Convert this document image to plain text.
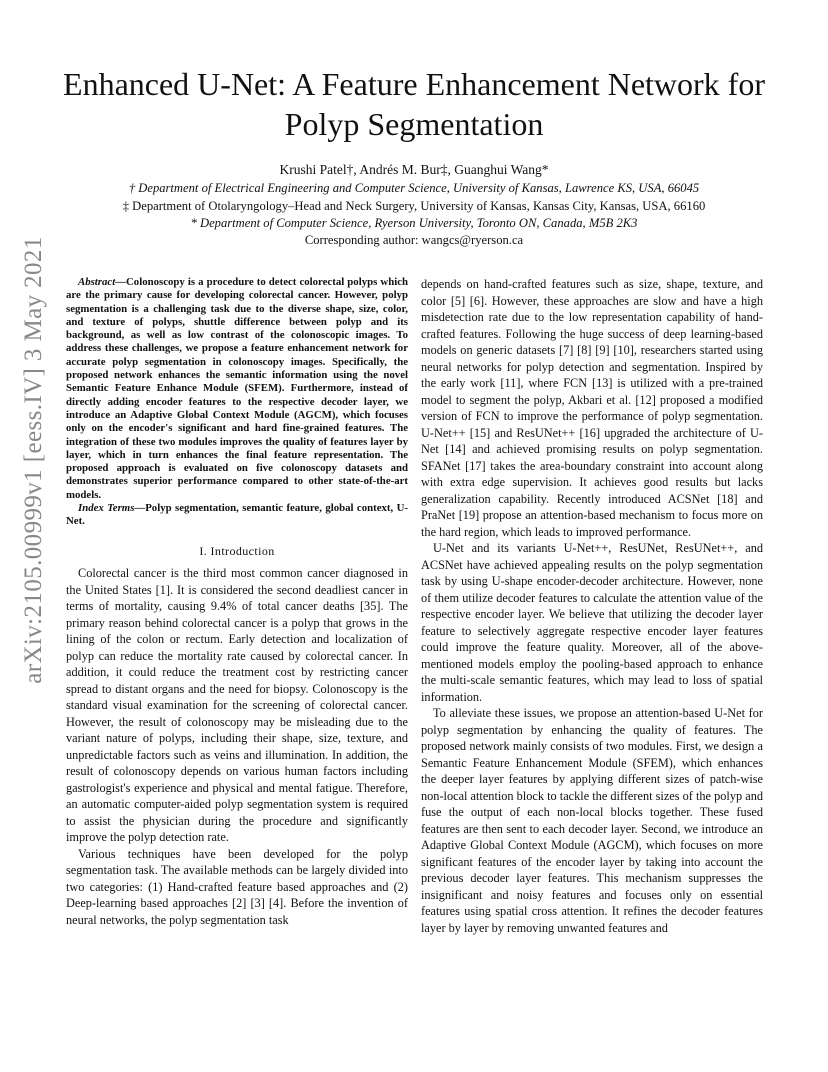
arXiv:2105.00999v1 [eess.IV] 3 May 2021
Enhanced U-Net: A Feature Enhancement Network for Polyp Segmentation
Krushi Patel†, Andrés M. Bur‡, Guanghui Wang*
† Department of Electrical Engineering and Computer Science, University of Kansas, Lawrence KS, USA, 66045
‡ Department of Otolaryngology–Head and Neck Surgery, University of Kansas, Kansas City, Kansas, USA, 66160
* Department of Computer Science, Ryerson University, Toronto ON, Canada, M5B 2K3
Corresponding author: wangcs@ryerson.ca

Abstract—Colonoscopy is a procedure to detect colorectal polyps which are the primary cause for developing colorectal cancer. However, polyp segmentation is a challenging task due to the diverse shape, size, color, and texture of polyps, shuttle difference between polyp and its background, as well as low contrast of the colonoscopic images. To address these challenges, we propose a feature enhancement network for accurate polyp segmentation in colonoscopy images. Specifically, the proposed network enhances the semantic information using the novel Semantic Feature Enhance Module (SFEM). Furthermore, instead of directly adding encoder features to the respective decoder layer, we introduce an Adaptive Global Context Module (AGCM), which focuses only on the encoder's significant and hard fine-grained features. The integration of these two modules improves the quality of features layer by layer, which in turn enhances the final feature representation. The proposed approach is evaluated on five colonoscopy datasets and demonstrates superior performance compared to other state-of-the-art models.

Index Terms—Polyp segmentation, semantic feature, global context, U-Net.

I. Introduction

Colorectal cancer is the third most common cancer diagnosed in the United States [1]. It is considered the second deadliest cancer in terms of mortality, causing 9.4% of total cancer deaths [35]. The primary reason behind colorectal cancer is a polyp that grows in the lining of the colon or rectum. Early detection and localization of polyp can reduce the mortality rate caused by colorectal cancer. In addition, it could reduce the treatment cost by restricting cancer spread to distant organs and the need for biopsy. Colonoscopy is the standard visual examination for the screening of colorectal cancer. However, the result of colonoscopy may be misleading due to the variant nature of polyps, including their shape, size, texture, and unpredictable factors such as veins and illumination. In addition, the result of colonoscopy depends on various human factors including gastrologist's experience and physical and mental fatigue. Therefore, an automatic computer-aided polyp segmentation system is required to assist the physician during the procedure and significantly improve the polyp detection rate.

Various techniques have been developed for the polyp segmentation task. The available methods can be largely divided into two categories: (1) Hand-crafted feature based approaches and (2) Deep-learning based approaches [2] [3] [4]. Before the invention of neural networks, the polyp segmentation task

depends on hand-crafted features such as size, shape, texture, and color [5] [6]. However, these approaches are slow and have a high misdetection rate due to the low representation capability of hand-crafted features. Following the huge success of deep learning-based models on generic datasets [7] [8] [9] [10], researchers started using neural networks for polyp detection and segmentation. Inspired by the early work [11], where FCN [13] is utilized with a pre-trained model to segment the polyp, Akbari et al. [12] proposed a modified version of FCN to improve the performance of polyp segmentation. U-Net++ [15] and ResUNet++ [16] upgraded the architecture of U-Net [14] and achieved promising results on polyp segmentation. SFANet [17] takes the area-boundary constraint into account along with extra edge supervision. It achieves good results but lacks generalization capability. Recently introduced ACSNet [18] and PraNet [19] propose an attention-based mechanism to focus more on the hard region, which leads to improved performance.

U-Net and its variants U-Net++, ResUNet, ResUNet++, and ACSNet have achieved appealing results on the polyp segmentation task by using U-shape encoder-decoder architecture. However, none of them utilize decoder features to calculate the attention value of the respective encoder layer. We believe that utilizing the decoder layer feature to selectively aggregate respective encoder layer features could improve the feature quality. Moreover, all of the above-mentioned models employ the pooling-based approach to enhance the multi-scale semantic features, which may lead to loss of spatial information.

To alleviate these issues, we propose an attention-based U-Net for polyp segmentation by enhancing the quality of features. The proposed network mainly consists of two modules. First, we design a Semantic Feature Enhancement Module (SFEM), which enhances the deeper layer features by applying different sizes of patch-wise non-local attention block to tackle the different sizes of the polyp and fuse the output of each non-local blocks together. These fused features are then sent to each decoder layer. Second, we introduce an Adaptive Global Context Module (AGCM), which focuses on more significant features of the encoder layer by taking into account the previous decoder layer features. This mechanism suppresses the insignificant and noisy features and focuses only on essential features using spatial cross attention. It refines the decoder features layer by layer by removing unwanted features and
